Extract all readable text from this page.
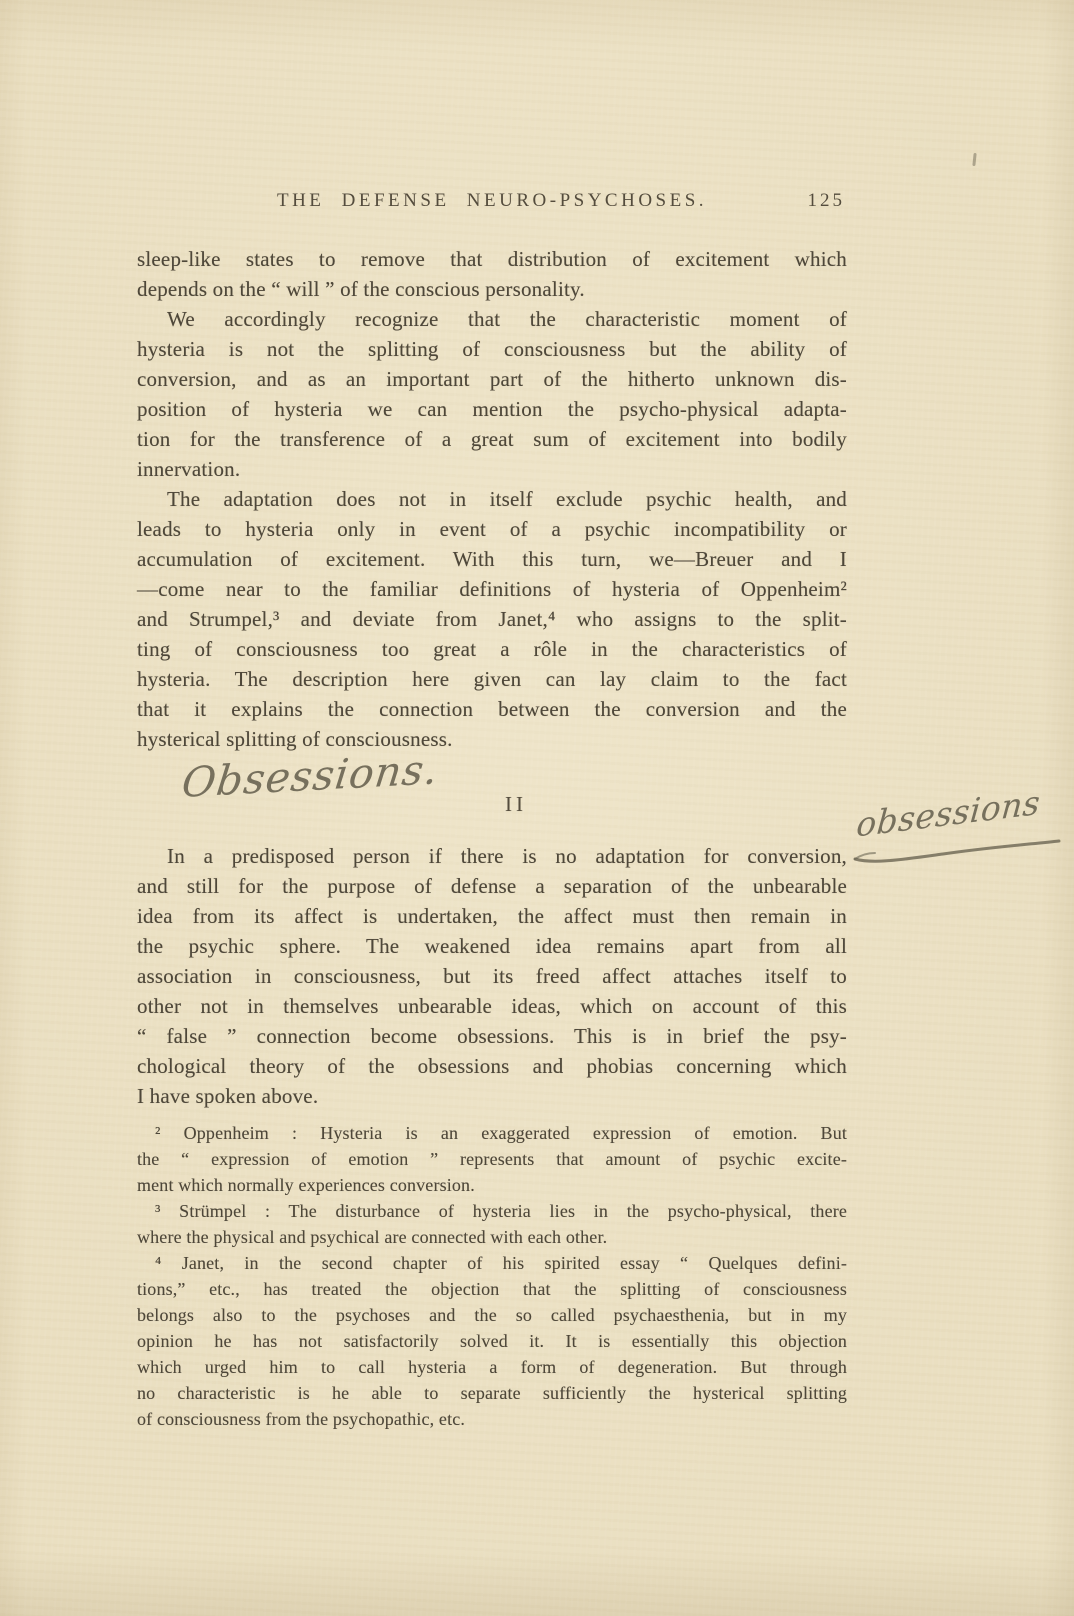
THE DEFENSE NEURO-PSYCHOSES.	125
sleep-like states to remove that distribution of excitement which
depends on the “ will ” of the conscious personality.
We accordingly recognize that the characteristic moment of
hysteria is not the splitting of consciousness but the ability of
conversion, and as an important part of the hitherto unknown dis-
position of hysteria we can mention the psycho-physical adapta-
tion for the transference of a great sum of excitement into bodily
innervation.
The adaptation does not in itself exclude psychic health, and
leads to hysteria only in event of a psychic incompatibility or
accumulation of excitement. With this turn, we—Breuer and I
—come near to the familiar definitions of hysteria of Oppenheim²
and Strumpel,³ and deviate from Janet,⁴ who assigns to the split-
ting of consciousness too great a rôle in the characteristics of
hysteria. The description here given can lay claim to the fact
that it explains the connection between the conversion and the
hysterical splitting of consciousness.
Obsessions.	II
In a predisposed person if there is no adaptation for conversion,
and still for the purpose of defense a separation of the unbearable
idea from its affect is undertaken, the affect must then remain in
the psychic sphere. The weakened idea remains apart from all
association in consciousness, but its freed affect attaches itself to
other not in themselves unbearable ideas, which on account of this
“ false ” connection become obsessions. This is in brief the psy-
chological theory of the obsessions and phobias concerning which
I have spoken above.
obsessions
² Oppenheim : Hysteria is an exaggerated expression of emotion. But
the “ expression of emotion ” represents that amount of psychic excite-
ment which normally experiences conversion.
³ Strümpel : The disturbance of hysteria lies in the psycho-physical, there
where the physical and psychical are connected with each other.
⁴ Janet, in the second chapter of his spirited essay “ Quelques defini-
tions,” etc., has treated the objection that the splitting of consciousness
belongs also to the psychoses and the so called psychaesthenia, but in my
opinion he has not satisfactorily solved it. It is essentially this objection
which urged him to call hysteria a form of degeneration. But through
no characteristic is he able to separate sufficiently the hysterical splitting
of consciousness from the psychopathic, etc.
